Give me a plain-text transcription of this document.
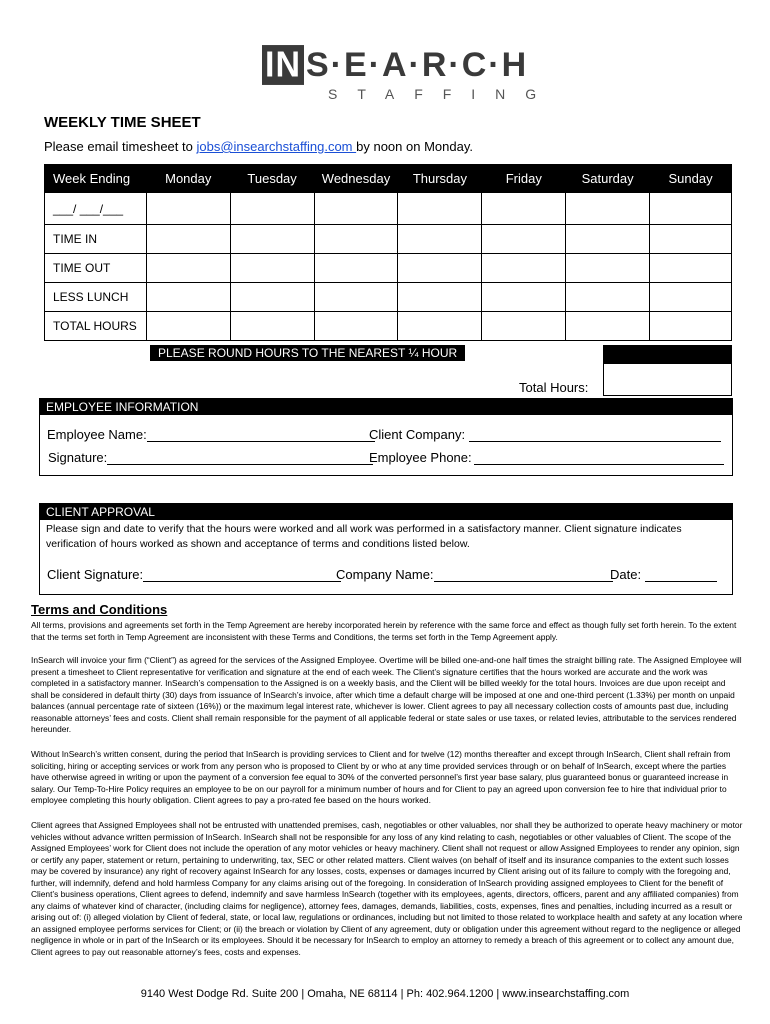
IN S·E·A·R·C·H
STAFFING
WEEKLY TIME SHEET
Please email timesheet to jobs@insearchstaffing.com by noon on Monday.
Week Ending	Monday	Tuesday	Wednesday	Thursday	Friday	Saturday	Sunday
___/ ___/___							
TIME IN							
TIME OUT							
LESS LUNCH							
TOTAL HOURS							
PLEASE ROUND HOURS TO THE NEAREST ¼ HOUR
Total Hours:
EMPLOYEE INFORMATION
Employee Name:	Client Company:
Signature:	Employee Phone:
CLIENT APPROVAL
Please sign and date to verify that the hours were worked and all work was performed in a satisfactory manner. Client signature indicates verification of hours worked as shown and acceptance of terms and conditions listed below.
Client Signature:	Company Name:	Date:
Terms and Conditions
All terms, provisions and agreements set forth in the Temp Agreement are hereby incorporated herein by reference with the same force and effect as though fully set forth herein. To the extent that the terms set forth in Temp Agreement are inconsistent with these Terms and Conditions, the terms set forth in the Temp Agreement apply.
InSearch will invoice your firm (“Client”) as agreed for the services of the Assigned Employee. Overtime will be billed one-and-one half times the straight billing rate. The Assigned Employee will present a timesheet to Client representative for verification and signature at the end of each week. The Client’s signature certifies that the hours worked are accurate and the work was completed in a satisfactory manner. InSearch’s compensation to the Assigned is on a weekly basis, and the Client will be billed weekly for the total hours. Invoices are due upon receipt and shall be considered in default thirty (30) days from issuance of InSearch’s invoice, after which time a default charge will be imposed at one and one-third percent (1.33%) per month on unpaid balances (annual percentage rate of sixteen (16%)) or the maximum legal interest rate, whichever is lower. Client agrees to pay all necessary collection costs of amounts past due, including reasonable attorneys’ fees and costs. Client shall remain responsible for the payment of all applicable federal or state sales or use taxes, or related levies, attributable to the services rendered hereunder.
Without InSearch’s written consent, during the period that InSearch is providing services to Client and for twelve (12) months thereafter and except through InSearch, Client shall refrain from soliciting, hiring or accepting services or work from any person who is proposed to Client by or who at any time provided services through or on behalf of InSearch, except where the parties have otherwise agreed in writing or upon the payment of a conversion fee equal to 30% of the converted personnel’s first year base salary, plus guaranteed bonus or guaranteed increase in salary. Our Temp-To-Hire Policy requires an employee to be on our payroll for a minimum number of hours and for Client to pay an agreed upon conversion fee to hire that individual prior to employee completing this hourly obligation. Client agrees to pay a pro-rated fee based on the hours worked.
Client agrees that Assigned Employees shall not be entrusted with unattended premises, cash, negotiables or other valuables, nor shall they be authorized to operate heavy machinery or motor vehicles without advance written permission of InSearch. InSearch shall not be responsible for any loss of any kind relating to cash, negotiables or other valuables of Client. The scope of the Assigned Employees’ work for Client does not include the operation of any motor vehicles or heavy machinery. Client shall not request or allow Assigned Employees to render any opinion, sign or certify any paper, statement or return, pertaining to underwriting, tax, SEC or other related matters. Client waives (on behalf of itself and its insurance companies to the extent such losses may be covered by insurance) any right of recovery against InSearch for any losses, costs, expenses or damages incurred by Client arising out of its failure to comply with the foregoing and, further, will indemnify, defend and hold harmless Company for any claims arising out of the foregoing. In consideration of InSearch providing assigned employees to Client for the benefit of Client’s business operations, Client agrees to defend, indemnify and save harmless InSearch (together with its employees, agents, directors, officers, parent and any affiliated companies) from any claims of whatever kind of character, (including claims for negligence), attorney fees, damages, demands, liabilities, costs, expenses, fines and penalties, including incurred as a result or arising out of: (i) alleged violation by Client of federal, state, or local law, regulations or ordinances, including but not limited to those related to workplace health and safety at any location where an assigned employee performs services for Client; or (ii) the breach or violation by Client of any agreement, duty or obligation under this agreement without regard to the negligence or alleged negligence in whole or in part of the InSearch or its employees. Should it be necessary for InSearch to employ an attorney to remedy a breach of this agreement or to collect any amount due, Client agrees to pay out reasonable attorney’s fees, costs and expenses.
9140 West Dodge Rd. Suite 200 | Omaha, NE 68114 | Ph: 402.964.1200 | www.insearchstaffing.com
